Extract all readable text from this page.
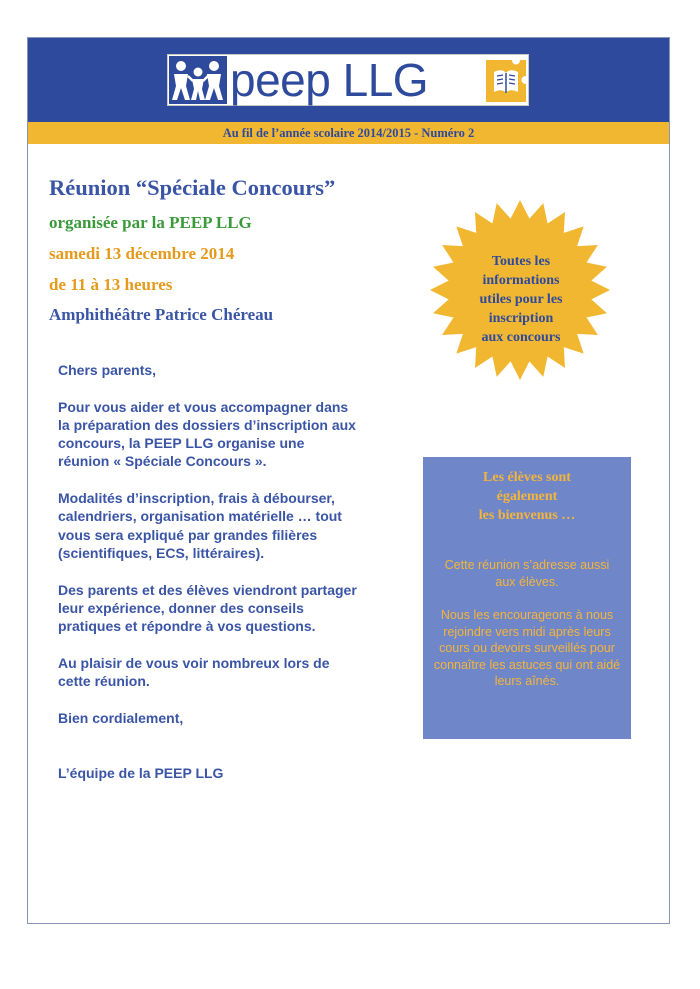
peep LLG
Au fil de l’année scolaire 2014/2015 - Numéro 2
Réunion “Spéciale Concours”
organisée par la PEEP LLG
samedi 13 décembre 2014
de 11 à 13 heures
Amphithéâtre Patrice Chéreau
Toutes les
informations
utiles pour les
inscription
aux concours

Chers parents,

Pour vous aider et vous accompagner dans la préparation des dossiers d’inscription aux concours, la PEEP LLG organise une réunion « Spéciale Concours ».

Modalités d’inscription, frais à débourser, calendriers, organisation matérielle … tout vous sera expliqué par grandes filières (scientifiques, ECS, littéraires).

Des parents et des élèves viendront partager leur expérience, donner des conseils pratiques et répondre à vos questions.

Au plaisir de vous voir nombreux lors de cette réunion.

Bien cordialement,

L’équipe de la PEEP LLG

Les élèves sont
également
les bienvenus …
Cette réunion s’adresse aussi aux élèves.
Nous les encourageons à nous rejoindre vers midi après leurs cours ou devoirs surveillés pour connaître les astuces qui ont aidé leurs aînés.
